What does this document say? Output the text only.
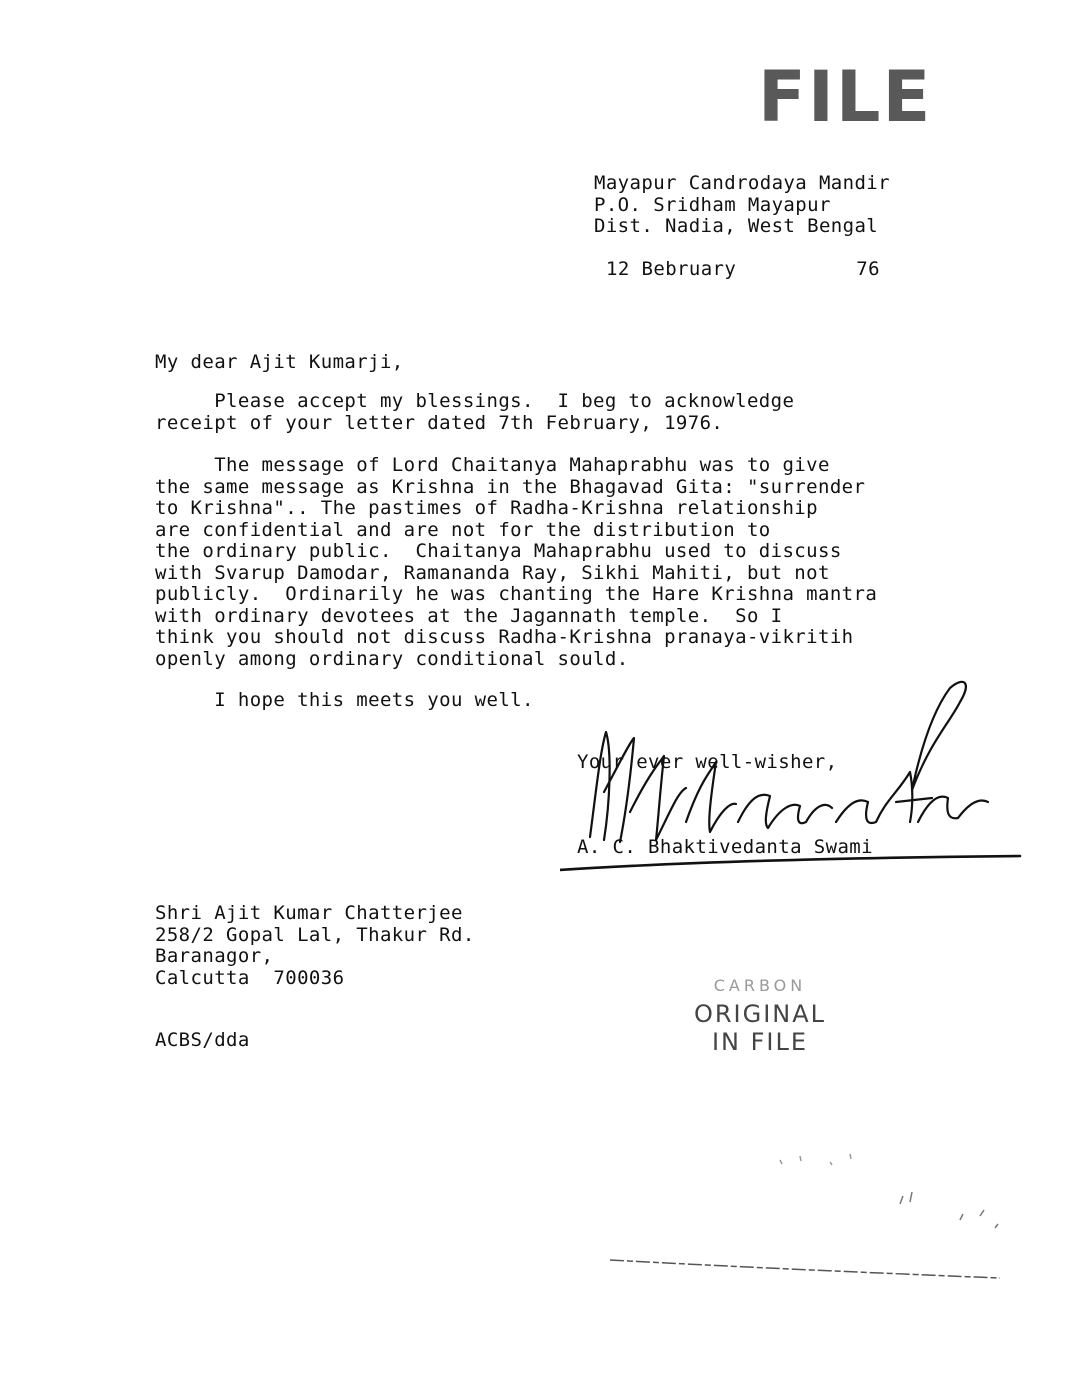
FILE
Mayapur Candrodaya Mandir
P.O. Sridham Mayapur
Dist. Nadia, West Bengal
12 Bebruary	76
My dear Ajit Kumarji,
Please accept my blessings.  I beg to acknowledge
receipt of your letter dated 7th February, 1976.
The message of Lord Chaitanya Mahaprabhu was to give
the same message as Krishna in the Bhagavad Gita: "surrender
to Krishna".. The pastimes of Radha-Krishna relationship
are confidential and are not for the distribution to
the ordinary public.  Chaitanya Mahaprabhu used to discuss
with Svarup Damodar, Ramananda Ray, Sikhi Mahiti, but not
publicly.  Ordinarily he was chanting the Hare Krishna mantra
with ordinary devotees at the Jagannath temple.  So I
think you should not discuss Radha-Krishna pranaya-vikritih
openly among ordinary conditional sould.
I hope this meets you well.
Your ever well-wisher,
A. C. Bhaktivedanta Swami
Shri Ajit Kumar Chatterjee
258/2 Gopal Lal, Thakur Rd.
Baranagor,
Calcutta  700036
ACBS/dda
CARBON
ORIGINAL
IN FILE
